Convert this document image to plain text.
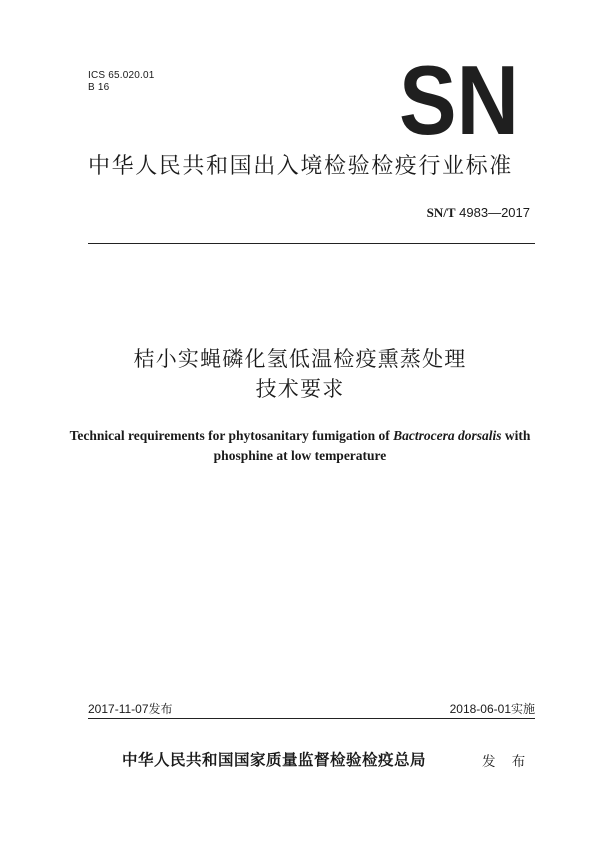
ICS 65.020.01
B 16	SN
中华人民共和国出入境检验检疫行业标准
SN/T 4983—2017
桔小实蝇磷化氢低温检疫熏蒸处理
技术要求
Technical requirements for phytosanitary fumigation of Bactrocera dorsalis with phosphine at low temperature
2017-11-07发布	2018-06-01实施
中华人民共和国国家质量监督检验检疫总局	发 布
